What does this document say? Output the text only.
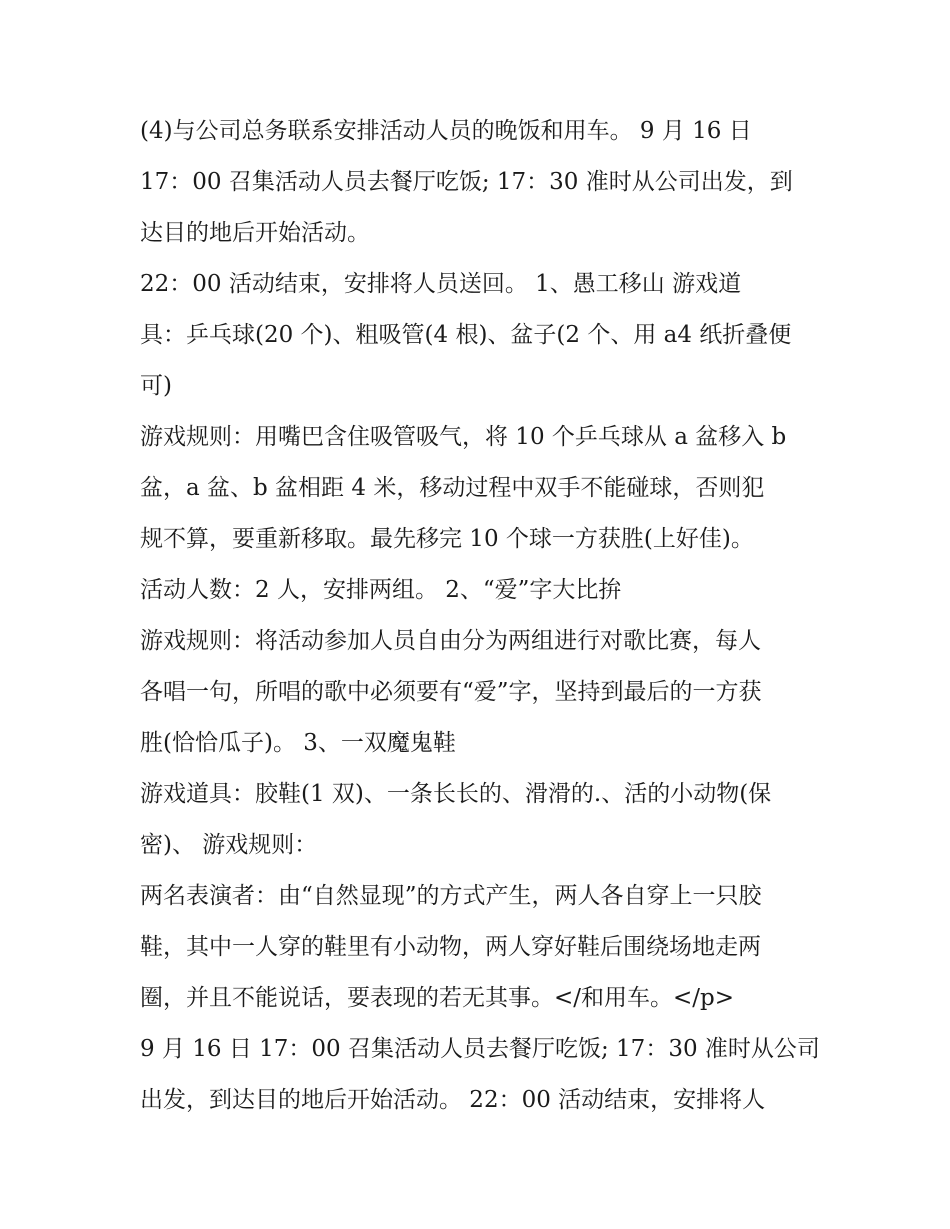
(4)与公司总务联系安排活动人员的晚饭和用车。 9 月 16 日
17：00 召集活动人员去餐厅吃饭; 17：30 准时从公司出发，到
达目的地后开始活动。
22：00 活动结束，安排将人员送回。 1、愚工移山 游戏道
具：乒乓球(20 个)、粗吸管(4 根)、盆子(2 个、用 a4 纸折叠便
可)
游戏规则：用嘴巴含住吸管吸气，将 10 个乒乓球从 a 盆移入 b
盆，a 盆、b 盆相距 4 米，移动过程中双手不能碰球，否则犯
规不算，要重新移取。最先移完 10 个球一方获胜(上好佳)。
活动人数：2 人，安排两组。 2、“爱”字大比拚
游戏规则：将活动参加人员自由分为两组进行对歌比赛，每人
各唱一句，所唱的歌中必须要有“爱”字，坚持到最后的一方获
胜(恰恰瓜子)。 3、一双魔鬼鞋
游戏道具：胶鞋(1 双)、一条长长的、滑滑的.、活的小动物(保
密)、 游戏规则：
两名表演者：由“自然显现”的方式产生，两人各自穿上一只胶
鞋，其中一人穿的鞋里有小动物，两人穿好鞋后围绕场地走两
圈，并且不能说话，要表现的若无其事。</和用车。</p>
9 月 16 日 17：00 召集活动人员去餐厅吃饭; 17：30 准时从公司
出发，到达目的地后开始活动。 22：00 活动结束，安排将人
